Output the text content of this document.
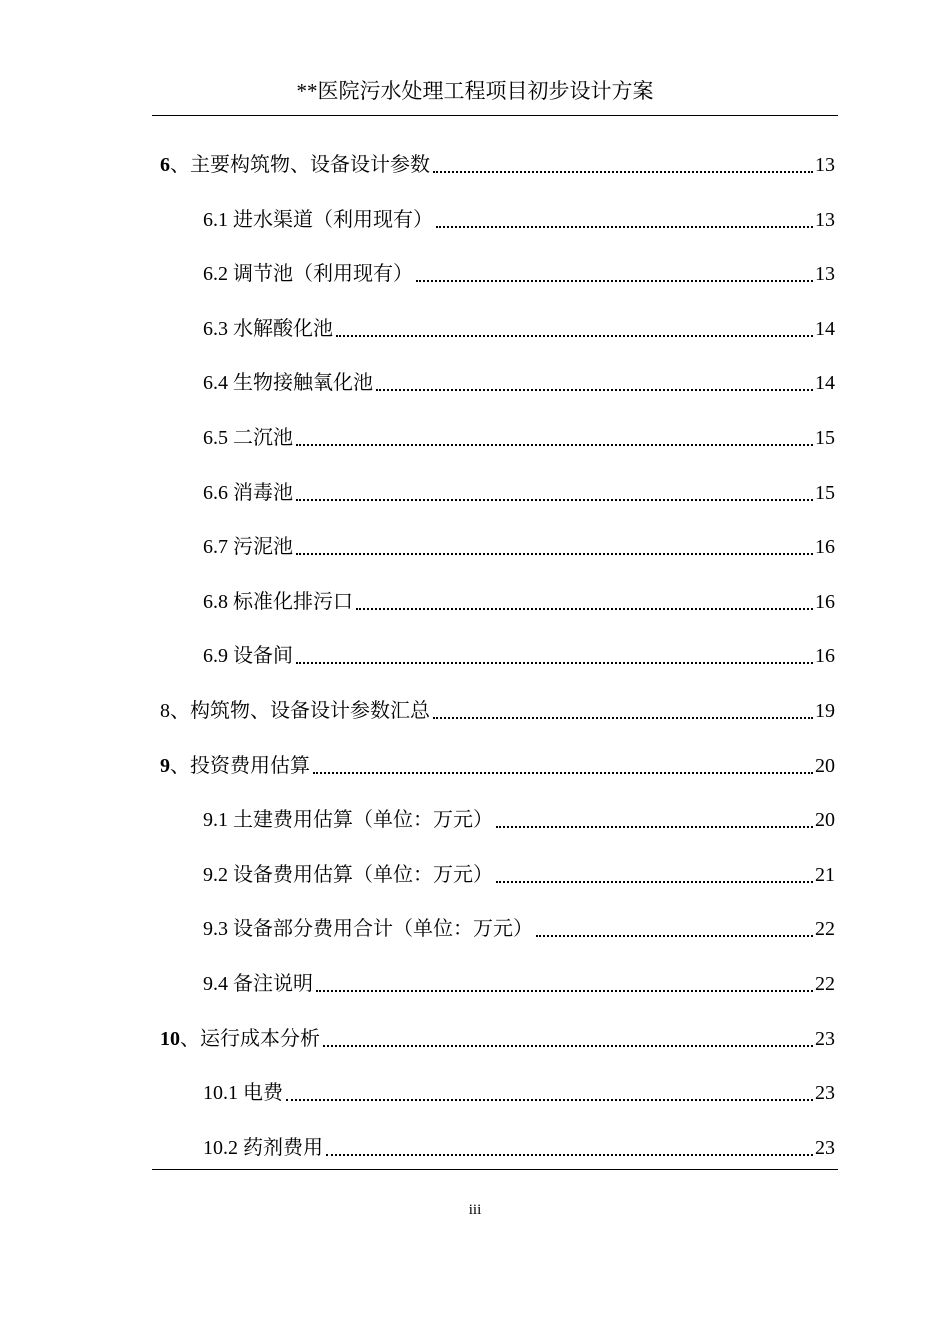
**医院污水处理工程项目初步设计方案
6、主要构筑物、设备设计参数	13
6.1 进水渠道（利用现有）	13
6.2 调节池（利用现有）	13
6.3 水解酸化池	14
6.4 生物接触氧化池	14
6.5 二沉池	15
6.6 消毒池	15
6.7 污泥池	16
6.8 标准化排污口	16
6.9 设备间	16
8、构筑物、设备设计参数汇总	19
9、投资费用估算	20
9.1 土建费用估算（单位：万元）	20
9.2 设备费用估算（单位：万元）	21
9.3 设备部分费用合计（单位：万元）	22
9.4 备注说明	22
10、运行成本分析	23
10.1 电费	23
10.2 药剂费用	23
iii
